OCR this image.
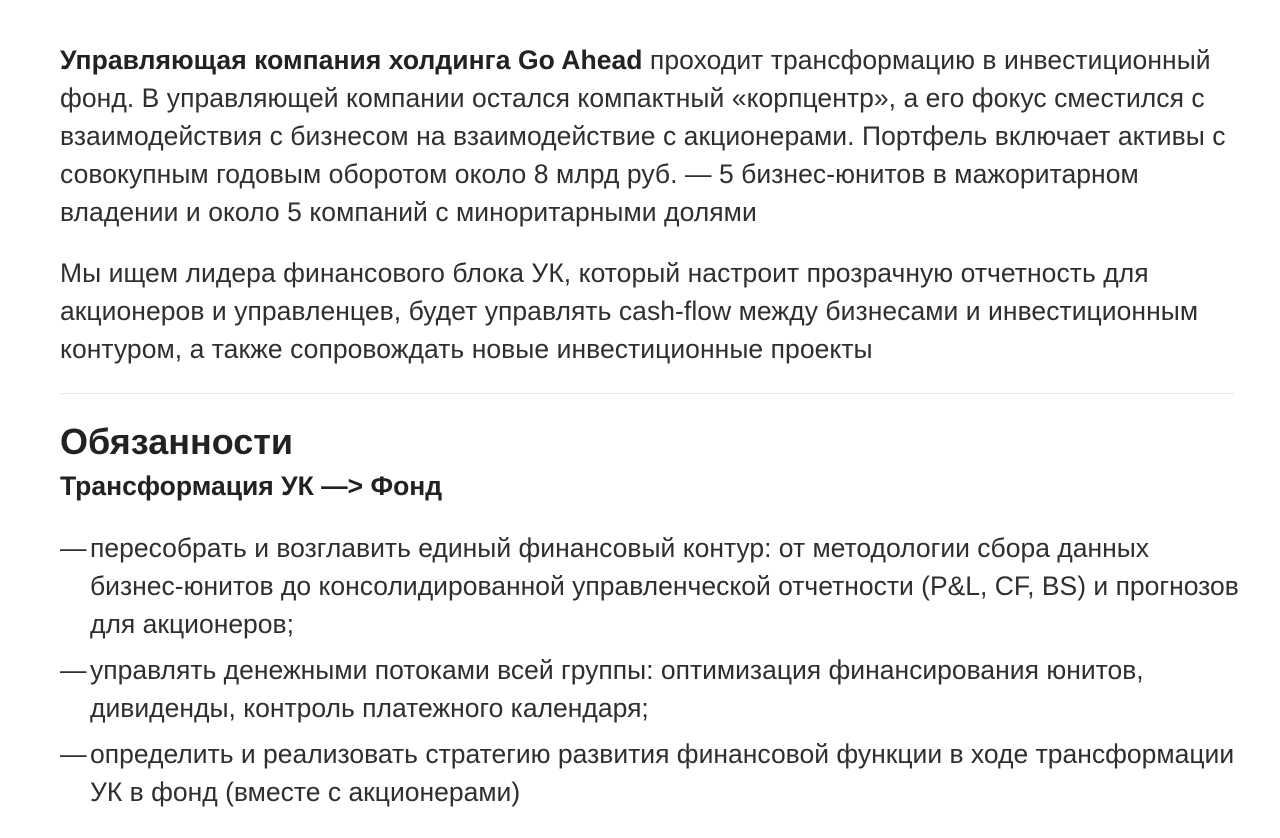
Управляющая компания холдинга Go Ahead проходит трансформацию в инвестиционный фонд. В управляющей компании остался компактный «корпцентр», а его фокус сместился с взаимодействия с бизнесом на взаимодействие с акционерами. Портфель включает активы с совокупным годовым оборотом около 8 млрд руб. — 5 бизнес-юнитов в мажоритарном владении и около 5 компаний с миноритарными долями

Мы ищем лидера финансового блока УК, который настроит прозрачную отчетность для акционеров и управленцев, будет управлять cash-flow между бизнесами и инвестиционным контуром, а также сопровождать новые инвестиционные проекты

Обязанности
Трансформация УК —> Фонд
— пересобрать и возглавить единый финансовый контур: от методологии сбора данных бизнес-юнитов до консолидированной управленческой отчетности (P&L, CF, BS) и прогнозов для акционеров;
— управлять денежными потоками всей группы: оптимизация финансирования юнитов, дивиденды, контроль платежного календаря;
— определить и реализовать стратегию развития финансовой функции в ходе трансформации УК в фонд (вместе с акционерами)
